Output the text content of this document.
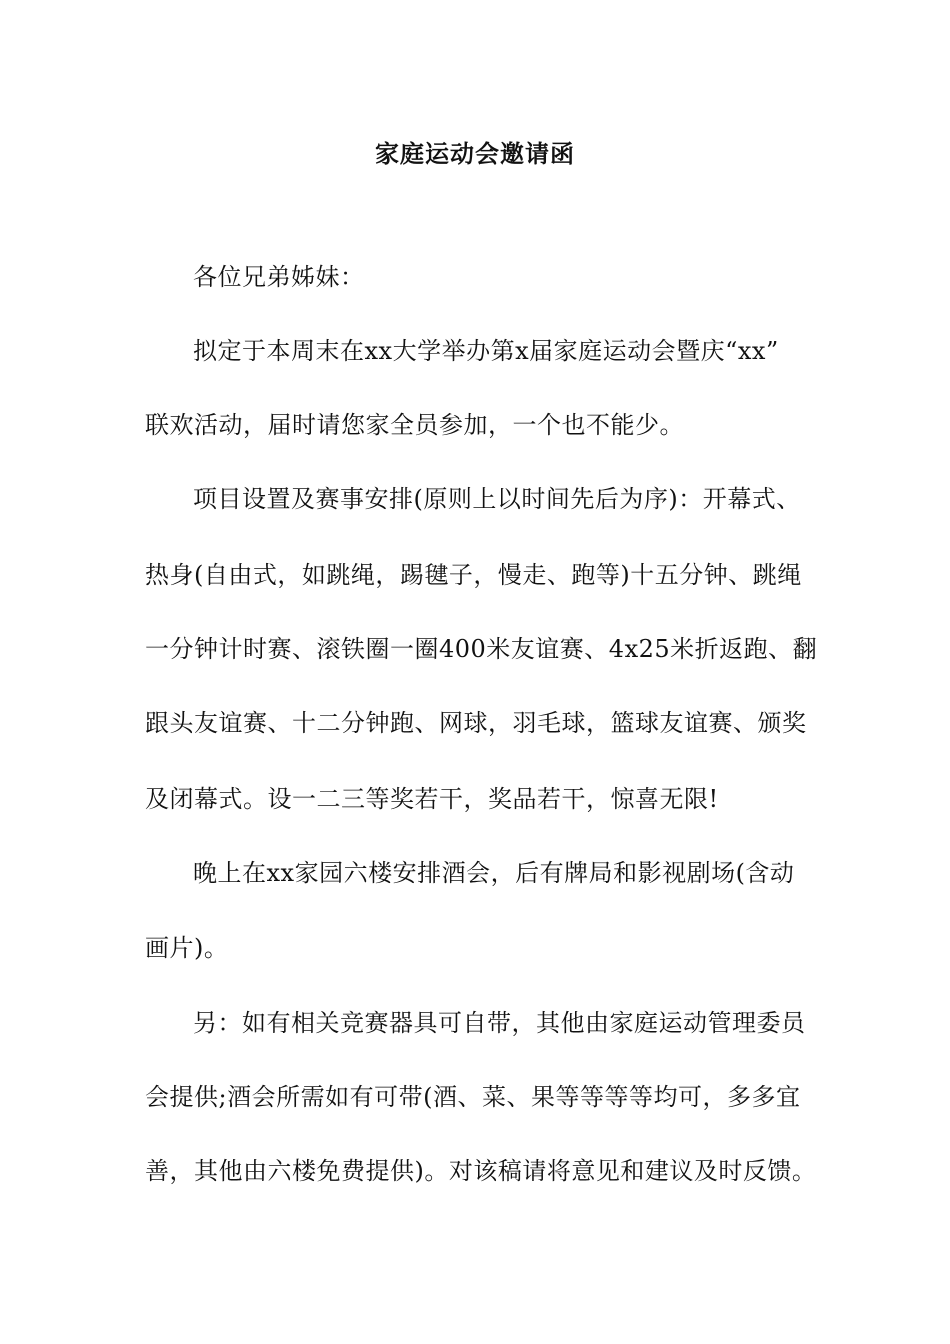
家庭运动会邀请函
各位兄弟姊妹：
拟定于本周末在xx大学举办第x届家庭运动会暨庆“xx”
联欢活动，届时请您家全员参加，一个也不能少。
项目设置及赛事安排(原则上以时间先后为序)：开幕式、
热身(自由式，如跳绳，踢毽子，慢走、跑等)十五分钟、跳绳
一分钟计时赛、滚铁圈一圈400米友谊赛、4x25米折返跑、翻
跟头友谊赛、十二分钟跑、网球，羽毛球，篮球友谊赛、颁奖
及闭幕式。设一二三等奖若干，奖品若干，惊喜无限!
晚上在xx家园六楼安排酒会，后有牌局和影视剧场(含动
画片)。
另：如有相关竞赛器具可自带，其他由家庭运动管理委员
会提供;酒会所需如有可带(酒、菜、果等等等等均可，多多宜
善，其他由六楼免费提供)。对该稿请将意见和建议及时反馈。
